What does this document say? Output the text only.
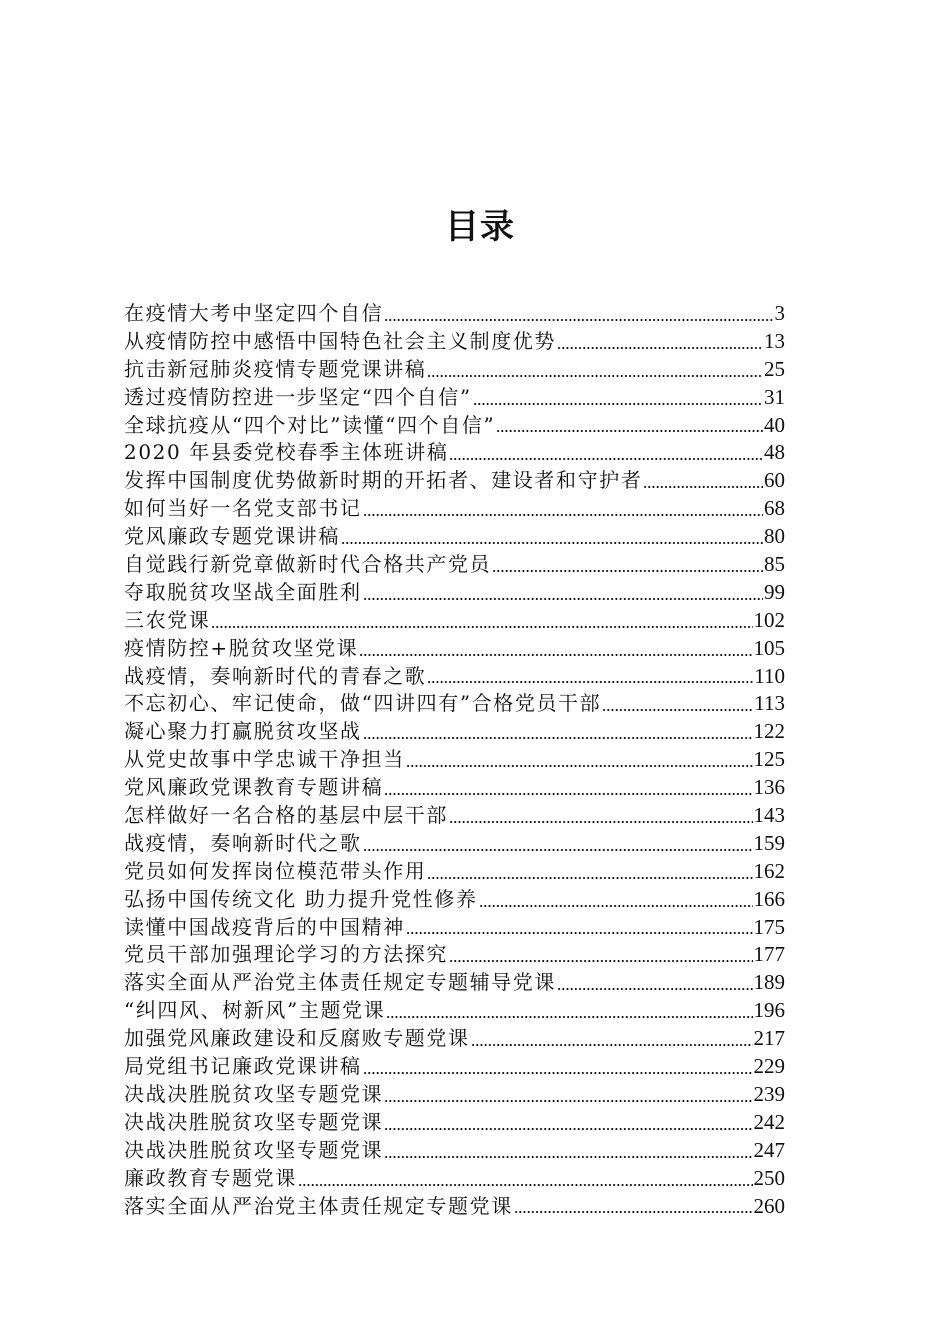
目录
在疫情大考中坚定四个自信	3
从疫情防控中感悟中国特色社会主义制度优势	13
抗击新冠肺炎疫情专题党课讲稿	25
透过疫情防控进一步坚定“四个自信”	31
全球抗疫从“四个对比”读懂“四个自信”	40
2020 年县委党校春季主体班讲稿	48
发挥中国制度优势做新时期的开拓者、建设者和守护者	60
如何当好一名党支部书记	68
党风廉政专题党课讲稿	80
自觉践行新党章做新时代合格共产党员	85
夺取脱贫攻坚战全面胜利	99
三农党课	102
疫情防控+脱贫攻坚党课	105
战疫情，奏响新时代的青春之歌	110
不忘初心、牢记使命，做“四讲四有”合格党员干部	113
凝心聚力打赢脱贫攻坚战	122
从党史故事中学忠诚干净担当	125
党风廉政党课教育专题讲稿	136
怎样做好一名合格的基层中层干部	143
战疫情，奏响新时代之歌	159
党员如何发挥岗位模范带头作用	162
弘扬中国传统文化 助力提升党性修养	166
读懂中国战疫背后的中国精神	175
党员干部加强理论学习的方法探究	177
落实全面从严治党主体责任规定专题辅导党课	189
“纠四风、树新风”主题党课	196
加强党风廉政建设和反腐败专题党课	217
局党组书记廉政党课讲稿	229
决战决胜脱贫攻坚专题党课	239
决战决胜脱贫攻坚专题党课	242
决战决胜脱贫攻坚专题党课	247
廉政教育专题党课	250
落实全面从严治党主体责任规定专题党课	260
